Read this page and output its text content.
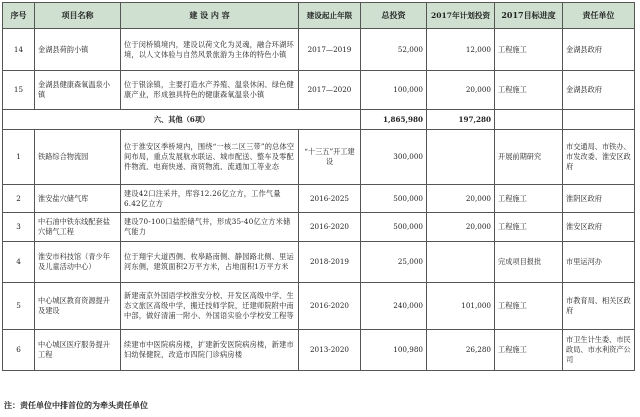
序号	项目名称	建 设 内 容	建设起止年限	总投资	2017年计划投资	2017目标进度	责任单位
14	金湖县荷韵小镇	位于闵桥镇境内，建设以荷文化为灵魂，融合环湖环境，以人文体验与自然风景旅游为主体的特色小镇	2017—2019	52,000	12,000	工程施工	金湖县政府
15	金湖县健康森氧温泉小镇	位于银涂镇，主要打造水产养殖、温泉休闲、绿色健康产业，形成独具特色的健康森氧温泉小镇	2017—2020	100,000	20,000	工程施工	金湖县政府
六、其他（6项）				1,865,980	197,280		
1	铁路综合物流园	位于淮安区季桥境内，围绕“一核二区三带”的总体空间布局，重点发展航水联运、城市配送、整车及零配件物流、电商快递、商贸物流、流通加工等业态	“十三五”开工建设	300,000		开展前期研究	市交通局、市铁办、市发改委、淮安区政府
2	淮安盐穴储气库	建设42口注采井，库容12.26亿立方，工作气量6.42亿立方	2016-2025	500,000	20,000	工程施工	淮阴区政府
3	中石油中铁东线配套盐穴储气工程	建设70-100口盐腔储气井，形成35-40亿立方米储气能力	2016-2020	500,000	20,000	工程施工	淮安区政府
4	淮安市科技馆（青少年及儿童活动中心）	位于翔宇大道西侧、枚皋路南侧、静园路北侧、里运河东侧，建筑面积2万平方米，占地面积1万平方米	2018-2019	25,000		完成项目报批	市里运河办
5	中心城区教育资源提升及建设	新建南京外国语学校淮安分校、开发区高级中学、生态文旅区高级中学，搬迁技师学院，迁建师院附中南中部，做好清浦一附小、外国语实验小学校安工程等	2016-2020	240,000	101,000	工程施工	市教育局、相关区政府
6	中心城区医疗服务提升工程	续建市中医院病房楼，扩建新安医院病房楼，新建市妇幼保健院，改造市四院门诊病房楼	2013-2020	100,980	26,280	工程施工	市卫生计生委、市民政局、市水利资产公司
注：责任单位中排首位的为牵头责任单位
